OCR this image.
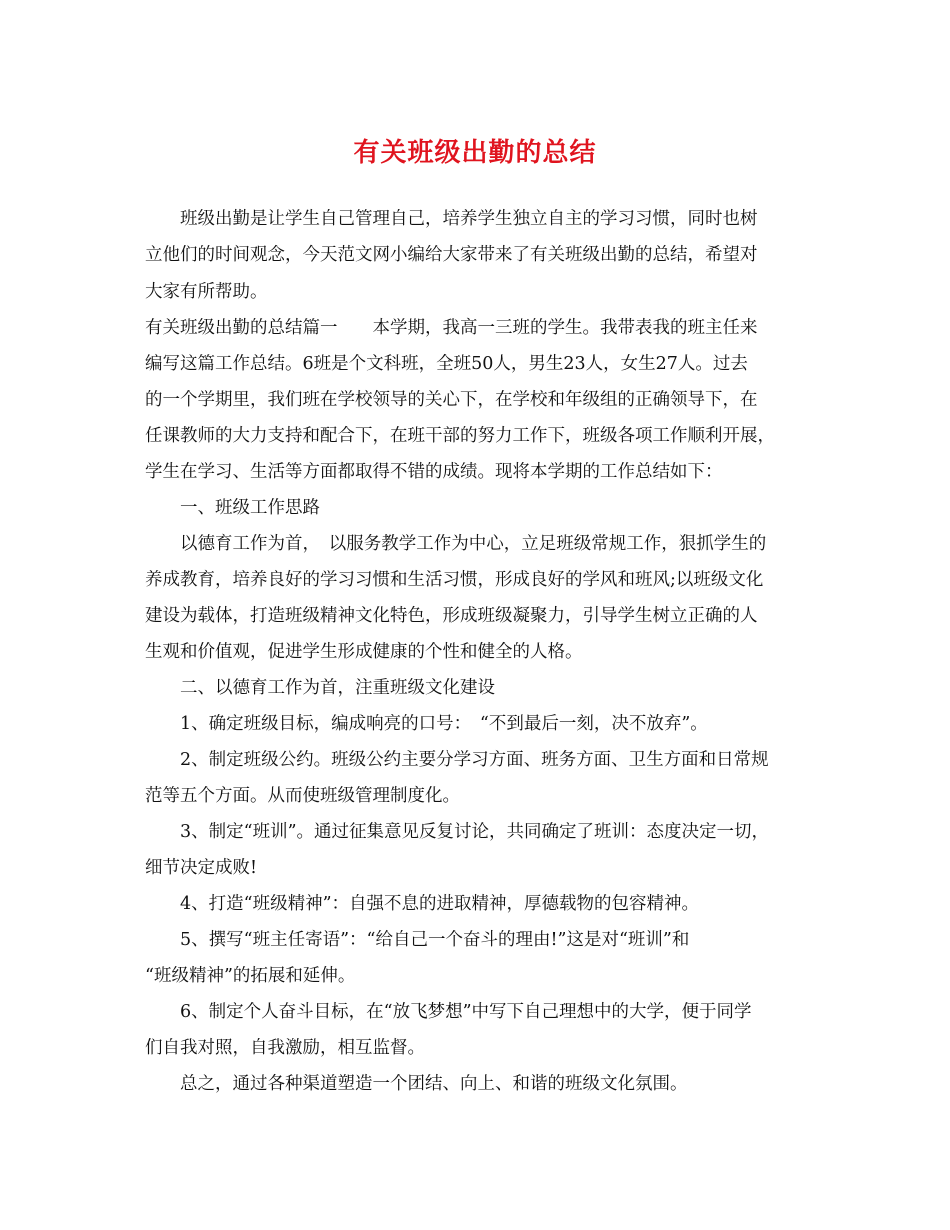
有关班级出勤的总结
班级出勤是让学生自己管理自己，培养学生独立自主的学习习惯，同时也树
立他们的时间观念，今天范文网小编给大家带来了有关班级出勤的总结，希望对
大家有所帮助。
有关班级出勤的总结篇一　　本学期，我高一三班的学生。我带表我的班主任来
编写这篇工作总结。6班是个文科班，全班50人，男生23人，女生27人。过去
的一个学期里，我们班在学校领导的关心下，在学校和年级组的正确领导下，在
任课教师的大力支持和配合下，在班干部的努力工作下，班级各项工作顺利开展，
学生在学习、生活等方面都取得不错的成绩。现将本学期的工作总结如下：
一、班级工作思路
以德育工作为首，　以服务教学工作为中心，立足班级常规工作，狠抓学生的
养成教育，培养良好的学习习惯和生活习惯，形成良好的学风和班风;以班级文化
建设为载体，打造班级精神文化特色，形成班级凝聚力，引导学生树立正确的人
生观和价值观，促进学生形成健康的个性和健全的人格。
二、以德育工作为首，注重班级文化建设
1、确定班级目标，编成响亮的口号：　“不到最后一刻，决不放弃”。
2、制定班级公约。班级公约主要分学习方面、班务方面、卫生方面和日常规
范等五个方面。从而使班级管理制度化。
3、制定“班训”。通过征集意见反复讨论，共同确定了班训：态度决定一切，
细节决定成败!
4、打造“班级精神”：自强不息的进取精神，厚德载物的包容精神。
5、撰写“班主任寄语”：“给自己一个奋斗的理由!”这是对“班训”和
“班级精神”的拓展和延伸。
6、制定个人奋斗目标，在“放飞梦想”中写下自己理想中的大学，便于同学
们自我对照，自我激励，相互监督。
总之，通过各种渠道塑造一个团结、向上、和谐的班级文化氛围。
